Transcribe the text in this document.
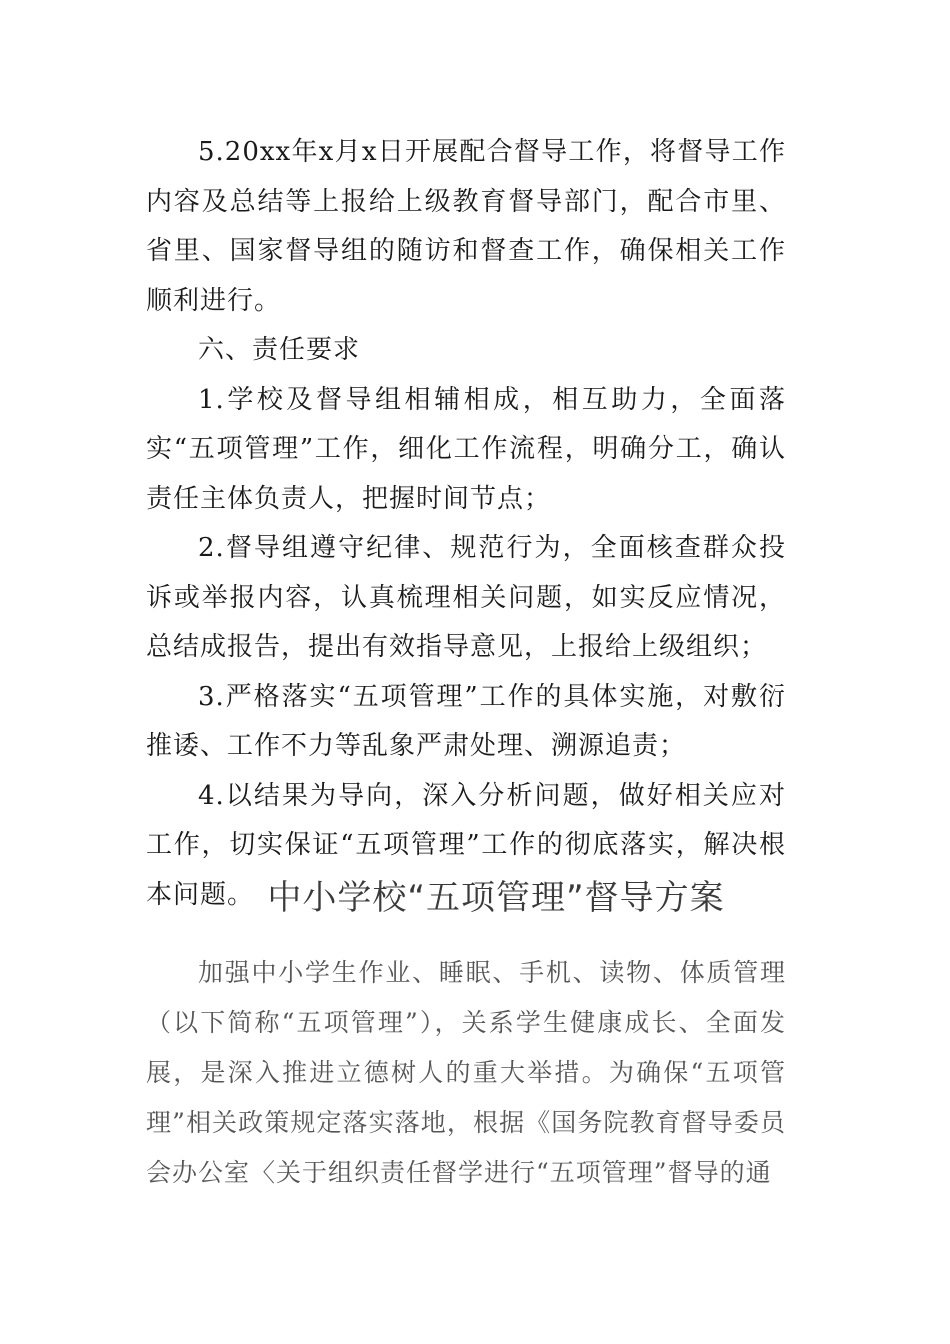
5.20xx年x月x日开展配合督导工作，将督导工作内容及总结等上报给上级教育督导部门，配合市里、省里、国家督导组的随访和督查工作，确保相关工作顺利进行。

六、责任要求

1.学校及督导组相辅相成，相互助力，全面落实“五项管理”工作，细化工作流程，明确分工，确认责任主体负责人，把握时间节点；

2.督导组遵守纪律、规范行为，全面核查群众投诉或举报内容，认真梳理相关问题，如实反应情况，总结成报告，提出有效指导意见，上报给上级组织；

3.严格落实“五项管理”工作的具体实施，对敷衍推诿、工作不力等乱象严肃处理、溯源追责；

4.以结果为导向，深入分析问题，做好相关应对工作，切实保证“五项管理”工作的彻底落实，解决根本问题。 中小学校“五项管理”督导方案

加强中小学生作业、睡眠、手机、读物、体质管理（以下简称“五项管理”），关系学生健康成长、全面发展，是深入推进立德树人的重大举措。为确保“五项管理”相关政策规定落实落地，根据《国务院教育督导委员会办公室〈关于组织责任督学进行“五项管理”督导的通
